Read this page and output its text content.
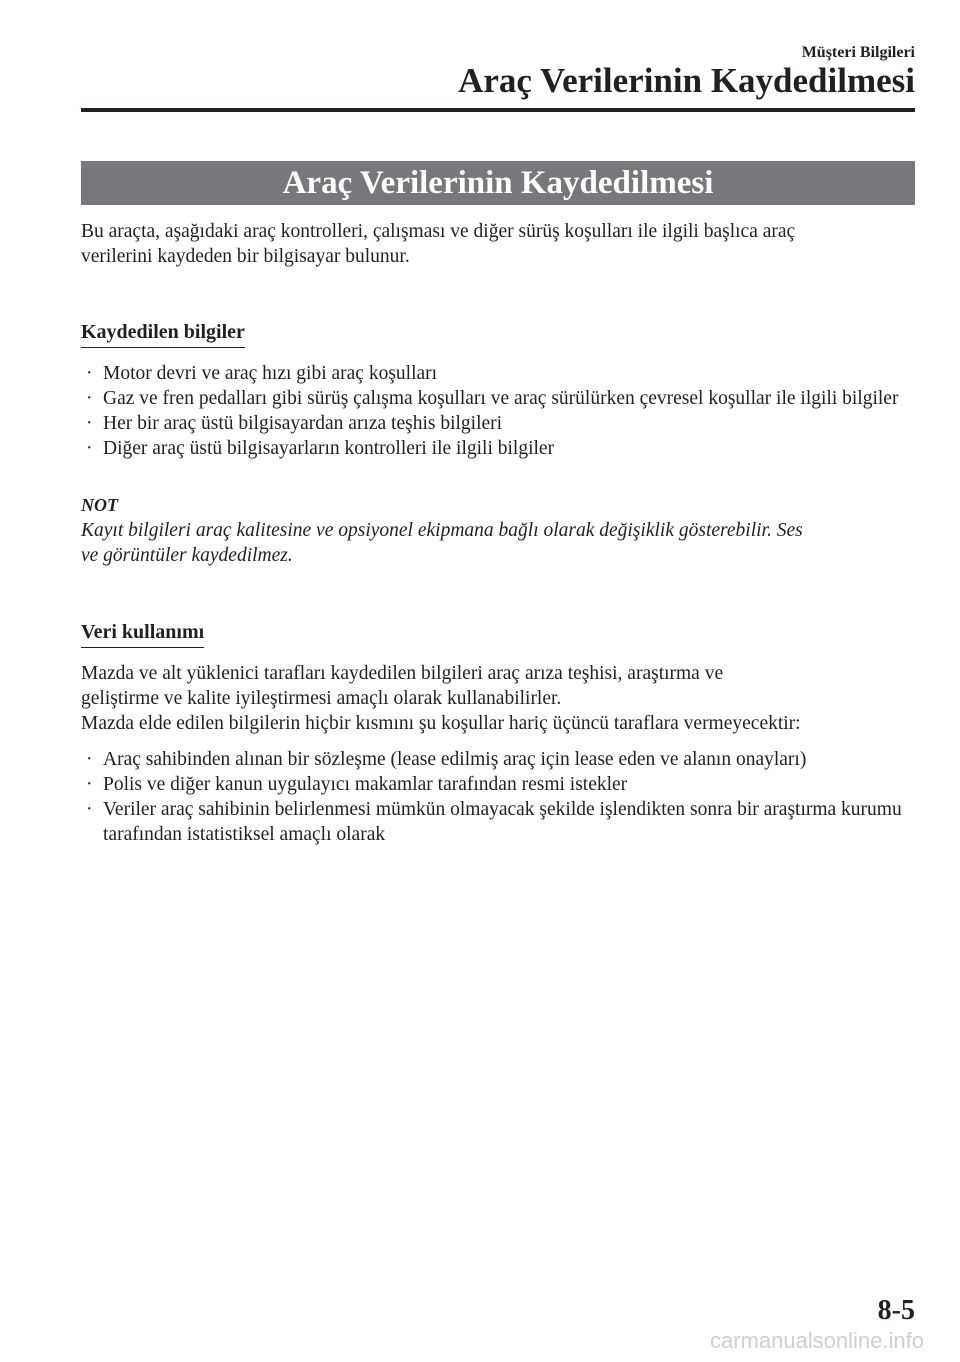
Müşteri Bilgileri
Araç Verilerinin Kaydedilmesi
Araç Verilerinin Kaydedilmesi

Bu araçta, aşağıdaki araç kontrolleri, çalışması ve diğer sürüş koşulları ile ilgili başlıca araç

verilerini kaydeden bir bilgisayar bulunur.

Kaydedilen bilgiler
· Motor devri ve araç hızı gibi araç koşulları
· Gaz ve fren pedalları gibi sürüş çalışma koşulları ve araç sürülürken çevresel koşullar ile ilgili bilgiler
· Her bir araç üstü bilgisayardan arıza teşhis bilgileri
· Diğer araç üstü bilgisayarların kontrolleri ile ilgili bilgiler
NOT

Kayıt bilgileri araç kalitesine ve opsiyonel ekipmana bağlı olarak değişiklik gösterebilir. Ses

ve görüntüler kaydedilmez.

Veri kullanımı

Mazda ve alt yüklenici tarafları kaydedilen bilgileri araç arıza teşhisi, araştırma ve

geliştirme ve kalite iyileştirmesi amaçlı olarak kullanabilirler.

Mazda elde edilen bilgilerin hiçbir kısmını şu koşullar hariç üçüncü taraflara vermeyecektir:

· Araç sahibinden alınan bir sözleşme (lease edilmiş araç için lease eden ve alanın onayları)
· Polis ve diğer kanun uygulayıcı makamlar tarafından resmi istekler
· Veriler araç sahibinin belirlenmesi mümkün olmayacak şekilde işlendikten sonra bir araştırma kurumu tarafından istatistiksel amaçlı olarak
8-5
carmanualsonline.info
